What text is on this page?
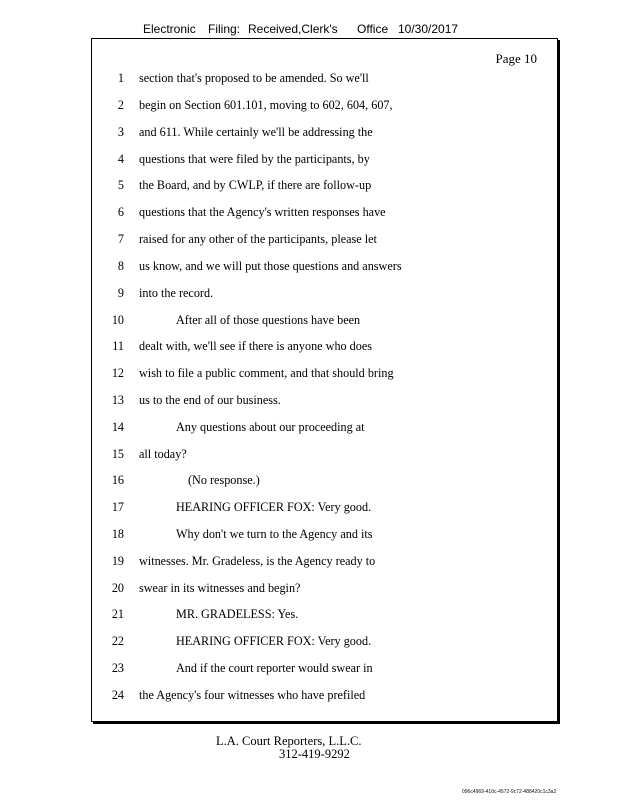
Electronic Filing: Received,Clerk's Office 10/30/2017
Page 10
1 section that's proposed to be amended. So we'll
2 begin on Section 601.101, moving to 602, 604, 607,
3 and 611. While certainly we'll be addressing the
4 questions that were filed by the participants, by
5 the Board, and by CWLP, if there are follow-up
6 questions that the Agency's written responses have
7 raised for any other of the participants, please let
8 us know, and we will put those questions and answers
9 into the record.
10	After all of those questions have been
11 dealt with, we'll see if there is anyone who does
12 wish to file a public comment, and that should bring
13 us to the end of our business.
14	Any questions about our proceeding at
15 all today?
16	(No response.)
17	HEARING OFFICER FOX: Very good.
18	Why don't we turn to the Agency and its
19 witnesses. Mr. Gradeless, is the Agency ready to
20 swear in its witnesses and begin?
21	MR. GRADELESS: Yes.
22	HEARING OFFICER FOX: Very good.
23	And if the court reporter would swear in
24 the Agency's four witnesses who have prefiled
L.A. Court Reporters, L.L.C.
312-419-9292
096c4969-410c-4572-9c72-488420c1c3a2
